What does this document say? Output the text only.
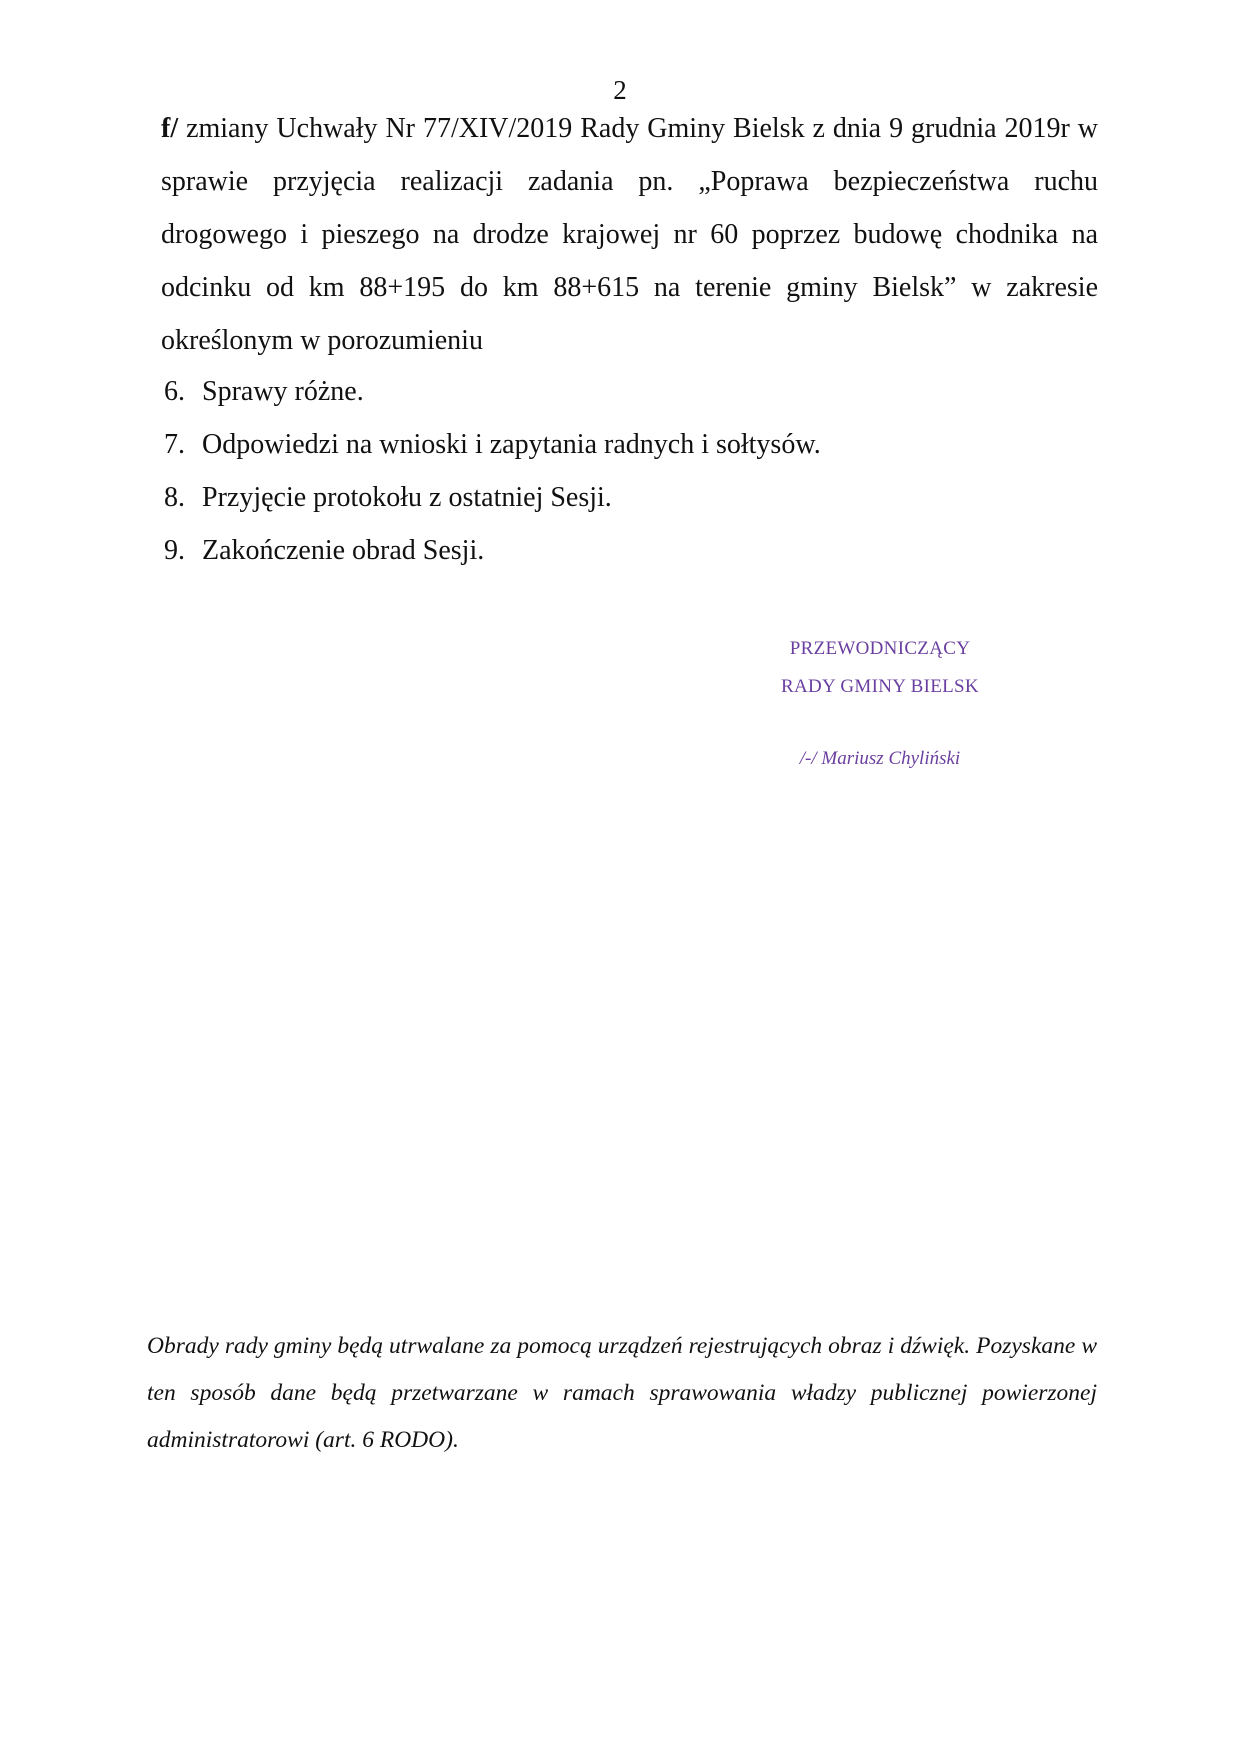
2

f/ zmiany Uchwały Nr 77/XIV/2019 Rady Gminy Bielsk z dnia 9 grudnia 2019r w sprawie przyjęcia realizacji zadania pn. „Poprawa bezpieczeństwa ruchu drogowego i pieszego na drodze krajowej nr 60 poprzez budowę chodnika na odcinku od km 88+195 do km 88+615 na terenie gminy Bielsk” w zakresie określonym w porozumieniu

6. Sprawy różne.
7. Odpowiedzi na wnioski i zapytania radnych i sołtysów.
8. Przyjęcie protokołu z ostatniej Sesji.
9. Zakończenie obrad Sesji.
PRZEWODNICZĄCY
RADY GMINY BIELSK
/-/ Mariusz Chyliński

Obrady rady gminy będą utrwalane za pomocą urządzeń rejestrujących obraz i dźwięk. Pozyskane w ten sposób dane będą przetwarzane w ramach sprawowania władzy publicznej powierzonej administratorowi (art. 6 RODO).
